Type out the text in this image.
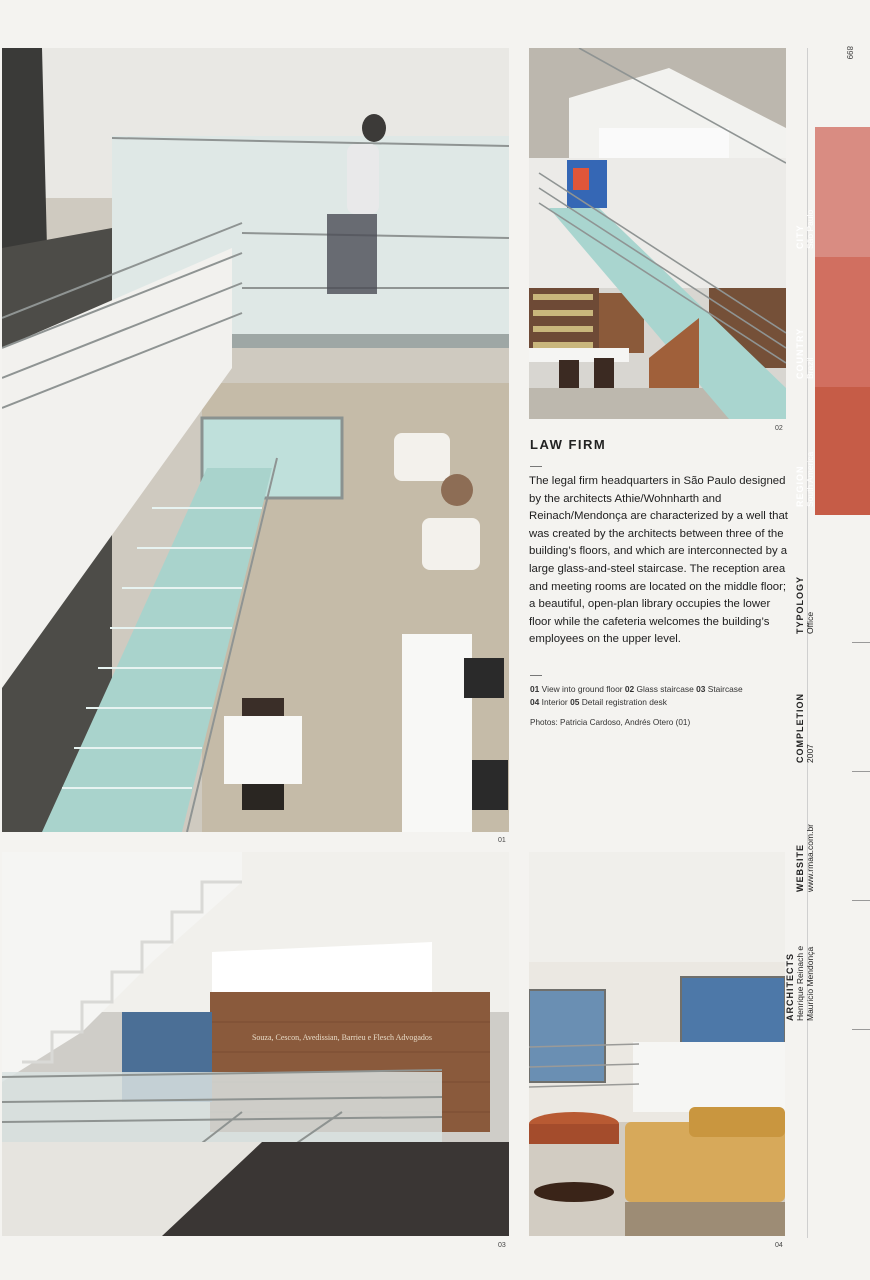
01
02
LAW FIRM

The legal firm headquarters in São Paulo designed by the architects Athie/Wohnharth and Reinach/Mendonça are characterized by a well that was created by the architects between three of the building’s floors, and which are interconnected by a large glass-and-steel staircase. The reception area and meeting rooms are located on the middle floor; a beautiful, open-plan library occupies the lower floor while the cafeteria welcomes the building’s employees on the upper level.

01 View into ground floor 02 Glass staircase 03 Staircase
04 Interior 05 Detail registration desk
Photos: Patricia Cardoso, Andrés Otero (01)
Souza, Cescon, Avedissian, Barrieu e Flesch Advogados
03	04
899
CITY São Paulo
COUNTRY Brazil
REGION South America
TYPOLOGY Office
COMPLETION 2007
WEBSITE www.rmaa.com.br
ARCHITECTS Henrique Reinach e Mauricio Mendonça
